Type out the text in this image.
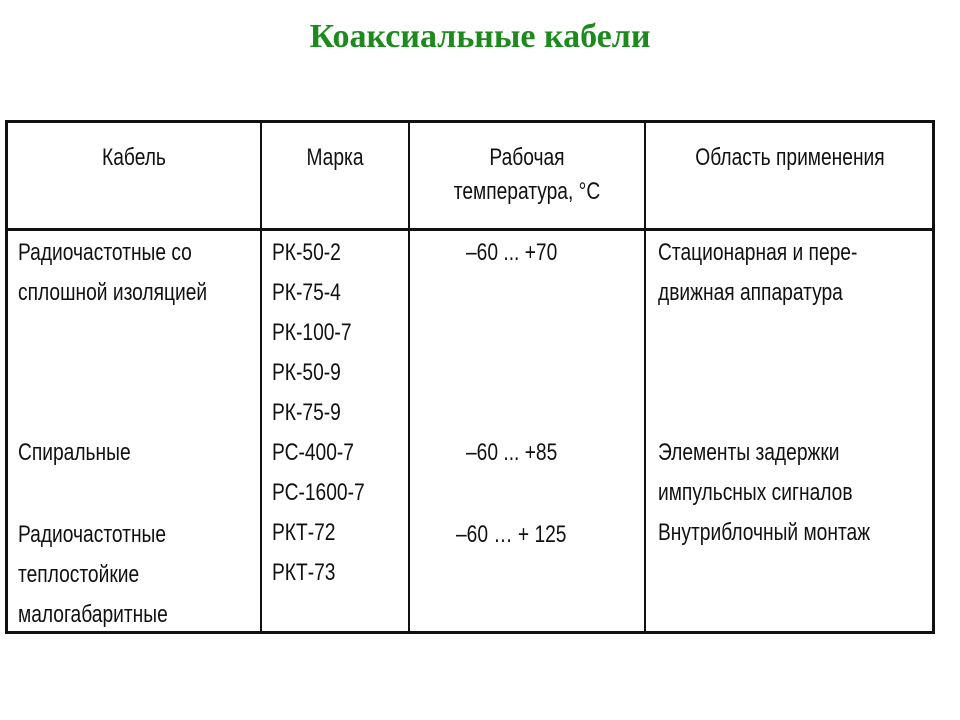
Коаксиальные кабели
Кабель	Марка	Рабочая
температура, °С
Область применения
Радиочастотные со
сплошной изоляцией
Спиральные
Радиочастотные
теплостойкие
малогабаритные
РК-50-2
РК-75-4
РК-100-7
РК-50-9
РК-75-9
РС-400-7
РС-1600-7
РКТ-72
РКТ-73
–60 ... +70
–60 ... +85
–60 … + 125
Стационарная и пере-
движная аппаратура
Элементы задержки
импульсных сигналов
Внутриблочный монтаж
